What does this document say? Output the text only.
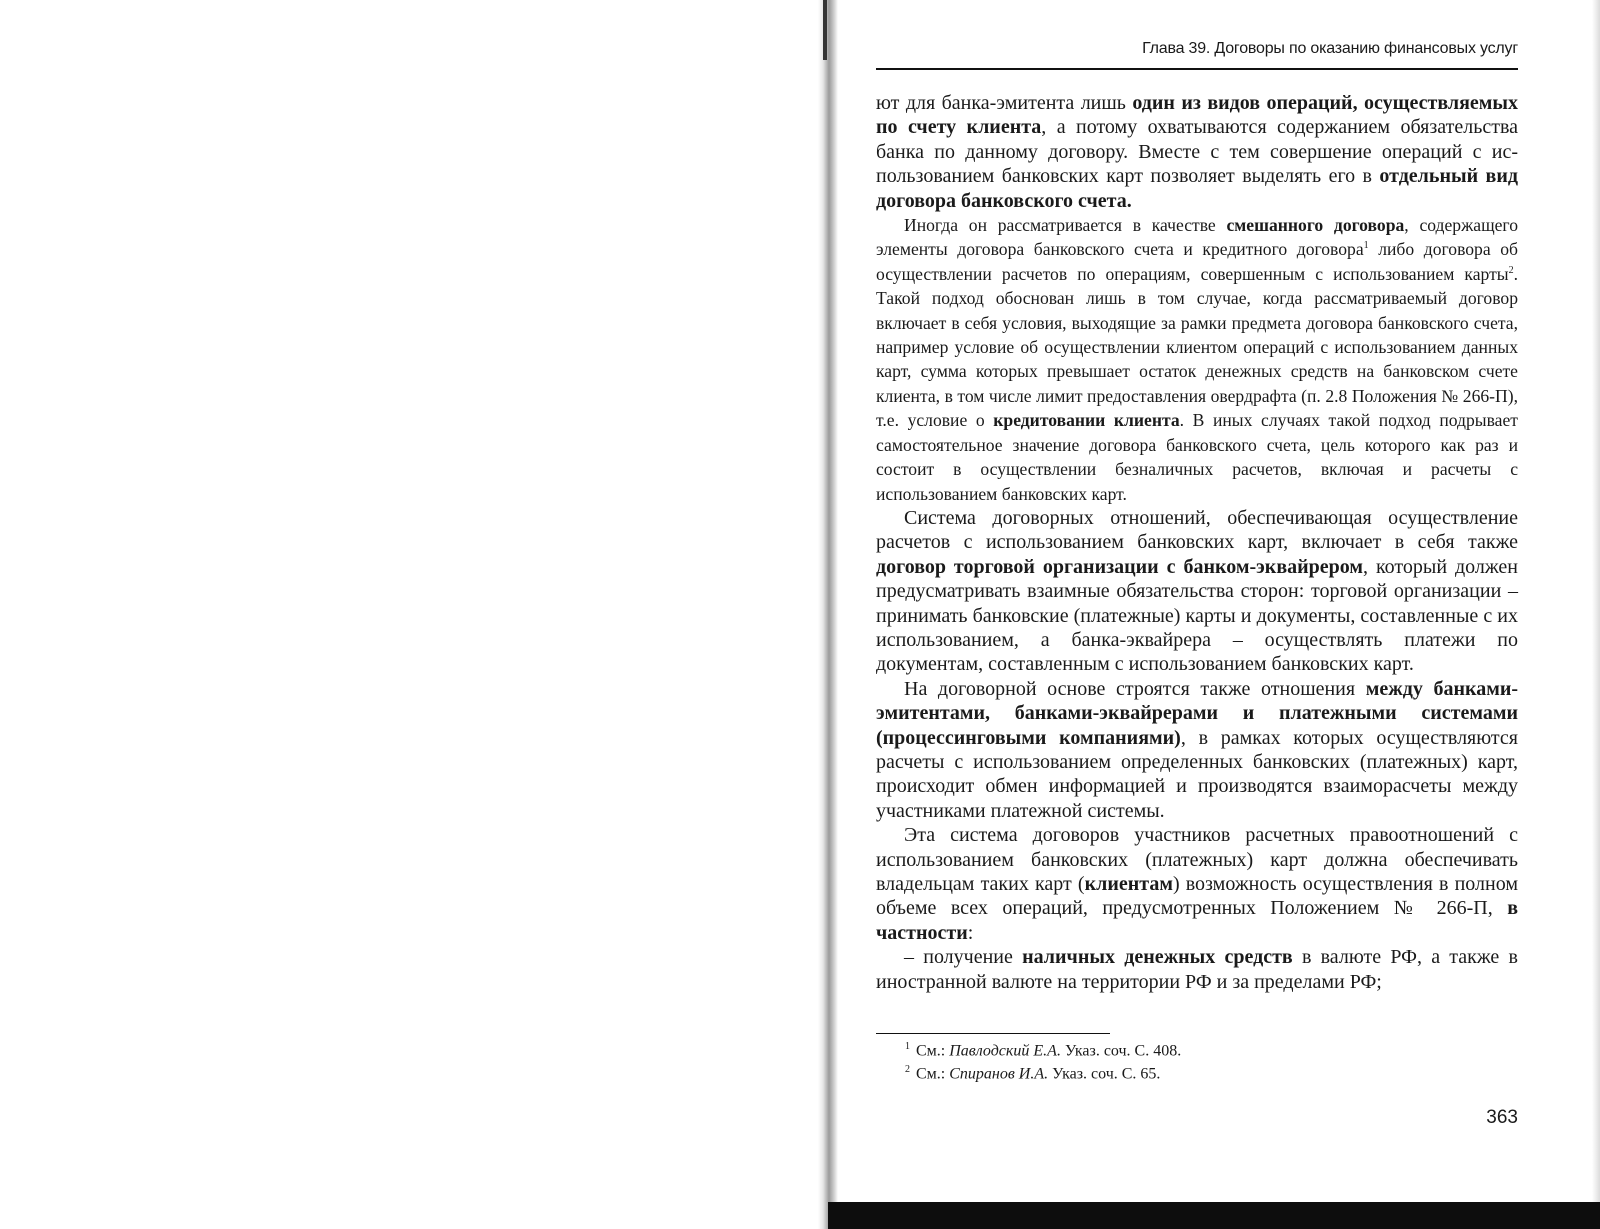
Глава 39. Договоры по оказанию финансовых услуг

ют для банка-эмитента лишь один из видов операций, осуществляемых по счету клиента, а потому охватываются содержанием обязательства банка по данному договору. Вместе с тем совершение операций с использованием банковских карт позволяет выделять его в отдельный вид договора банковского счета.

Иногда он рассматривается в качестве смешанного договора, содержащего элементы договора банковского счета и кредитного договора$^1$ либо договора об осуществлении расчетов по операциям, совершенным с использованием карты$^2$. Такой подход обоснован лишь в том случае, когда рассматриваемый договор включает в себя условия, выходящие за рамки предмета договора банковского счета, например условие об осуществлении клиентом операций с использованием данных карт, сумма которых превышает остаток денежных средств на банковском счете клиента, в том числе лимит предоставления овердрафта (п. 2.8 Положения № 266-П), т.е. условие о кредитовании клиента. В иных случаях такой подход подрывает самостоятельное значение договора банковского счета, цель которого как раз и состоит в осуществлении безналичных расчетов, включая и расчеты с использованием банковских карт.

Система договорных отношений, обеспечивающая осуществление расчетов с использованием банковских карт, включает в себя также договор торговой организации с банком-эквайрером, который должен предусматривать взаимные обязательства сторон: торговой организации – принимать банковские (платежные) карты и документы, составленные с их использованием, а банка-эквайрера – осуществлять платежи по документам, составленным с использованием банковских карт.

На договорной основе строятся также отношения между банками-эмитентами, банками-эквайрерами и платежными системами (процессинговыми компаниями), в рамках которых осуществляются расчеты с использованием определенных банковских (платежных) карт, происходит обмен информацией и производятся взаиморасчеты между участниками платежной системы.

Эта система договоров участников расчетных правоотношений с использованием банковских (платежных) карт должна обеспечивать владельцам таких карт (клиентам) возможность осуществления в полном объеме всех операций, предусмотренных Положением № 266-П, в частности:

– получение наличных денежных средств в валюте РФ, а также в иностранной валюте на территории РФ и за пределами РФ;

$^1$ См.: Павлодский Е.А. Указ. соч. С. 408.
$^2$ См.: Спиранов И.А. Указ. соч. С. 65.
363
